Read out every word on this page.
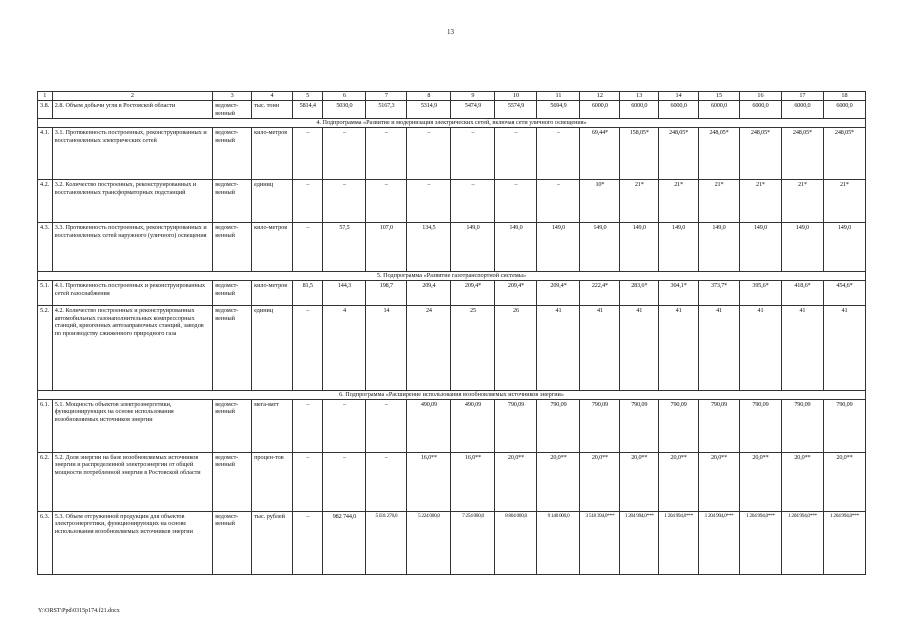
13
1	2	3	4	5	6	7	8	9	10	11	12	13	14	15	16	17	18
3.8.	2.8. Объем добычи угля в Ростовской области	ведомст-венный	тыс. тонн	5814,4	5030,0	5167,3	5314,9	5474,9	5574,9	5694,9	6000,0	6000,0	6000,0	6000,0	6000,0	6000,0	6000,0
4. Подпрограмма «Развитие и модернизация электрических сетей, включая сети уличного освещения»																	
4.1.	3.1. Протяженность построенных, реконструированных и восстановленных электрических сетей	ведомст-венный	кило-метров	–	–	–	–	–	–	–	69,44*	158,05*	248,05*	248,05*	248,05*	248,05*	248,05*
4.2.	3.2. Количество построенных, реконструированных и восстановленных трансформаторных подстанций	ведомст-венный	единиц	–	–	–	–	–	–	–	10*	21*	21*	21*	21*	21*	21*
4.3.	3.3. Протяженность построенных, реконструированных и восстановленных сетей наружного (уличного) освещения	ведомст-венный	кило-метров	–	57,5	107,0	134,5	149,0	149,0	149,0	149,0	149,0	149,0	149,0	149,0	149,0	149,0
5. Подпрограмма «Развитие газотранспортной системы»																	
5.1.	4.1. Протяженность построенных и реконструированных сетей газоснабжения	ведомст-венный	кило-метров	81,5	144,3	198,7	209,4	209,4*	209,4*	209,4*	222,4*	283,6*	304,1*	373,7*	395,6*	418,6*	454,6*
5.2.	4.2. Количество построенных и реконструированных автомобильных газонаполнительных компрессорных станций, криогенных автозаправочных станций, заводов по производству сжиженного природного газа	ведомст-венный	единиц	–	4	14	24	25	26	41	41	41	41	41	41	41	41
6. Подпрограмма «Расширение использования возобновляемых источников энергии»																	
6.1.	5.1. Мощность объектов электроэнергетики, функционирующих на основе использования возобновляемых источников энергии	ведомст-венный	мега-ватт	–	–	–	490,09	490,09	790,09	790,09	790,09	790,09	790,09	790,09	790,09	790,09	790,09
6.2.	5.2. Доля энергии на базе возобновляемых источников энергии и распределенной электроэнергии от общей мощности потребленной энергии в Ростовской области	ведомст-венный	процен-тов	–	–	–	16,0**	16,0**	20,0**	20,0**	20,0**	20,0**	20,0**	20,0**	20,0**	20,0**	20,0**
6.3.	5.3. Объем отгруженной продукции для объектов электроэнергетики, функционирующих на основе использования возобновляемых источников энергии	ведомст-венный	тыс. рублей	–	982 744,0	5 031 270,0	5 224 000,0	7 254 000,0	8 804 000,0	9 140 000,0	3 518 394,0***	1 204 994,0***	1 204 994,0***	1 204 994,0***	1 204 994,0***	1 204 994,0***	1 204 994,0***
Y:\ORST\Ppd\0315p174.f21.docx
